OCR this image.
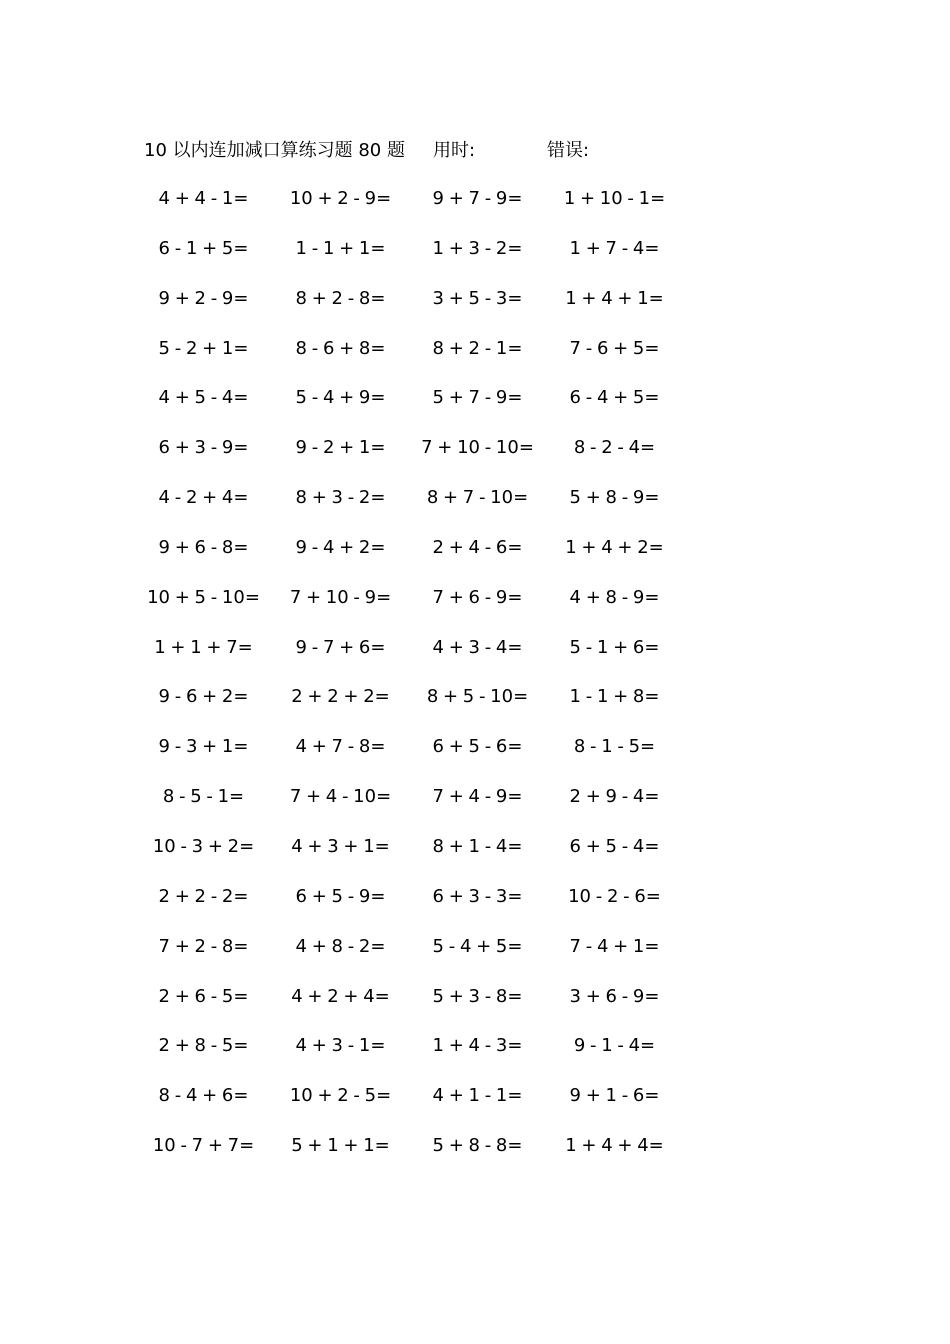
10 以内连加减口算练习题 80 题 用时:	错误:
4 + 4 - 1=	10 + 2 - 9=	9 + 7 - 9=	1 + 10 - 1=
6 - 1 + 5=	1 - 1 + 1=	1 + 3 - 2=	1 + 7 - 4=
9 + 2 - 9=	8 + 2 - 8=	3 + 5 - 3=	1 + 4 + 1=
5 - 2 + 1=	8 - 6 + 8=	8 + 2 - 1=	7 - 6 + 5=
4 + 5 - 4=	5 - 4 + 9=	5 + 7 - 9=	6 - 4 + 5=
6 + 3 - 9=	9 - 2 + 1=	7 + 10 - 10=	8 - 2 - 4=
4 - 2 + 4=	8 + 3 - 2=	8 + 7 - 10=	5 + 8 - 9=
9 + 6 - 8=	9 - 4 + 2=	2 + 4 - 6=	1 + 4 + 2=
10 + 5 - 10=	7 + 10 - 9=	7 + 6 - 9=	4 + 8 - 9=
1 + 1 + 7=	9 - 7 + 6=	4 + 3 - 4=	5 - 1 + 6=
9 - 6 + 2=	2 + 2 + 2=	8 + 5 - 10=	1 - 1 + 8=
9 - 3 + 1=	4 + 7 - 8=	6 + 5 - 6=	8 - 1 - 5=
8 - 5 - 1=	7 + 4 - 10=	7 + 4 - 9=	2 + 9 - 4=
10 - 3 + 2=	4 + 3 + 1=	8 + 1 - 4=	6 + 5 - 4=
2 + 2 - 2=	6 + 5 - 9=	6 + 3 - 3=	10 - 2 - 6=
7 + 2 - 8=	4 + 8 - 2=	5 - 4 + 5=	7 - 4 + 1=
2 + 6 - 5=	4 + 2 + 4=	5 + 3 - 8=	3 + 6 - 9=
2 + 8 - 5=	4 + 3 - 1=	1 + 4 - 3=	9 - 1 - 4=
8 - 4 + 6=	10 + 2 - 5=	4 + 1 - 1=	9 + 1 - 6=
10 - 7 + 7=	5 + 1 + 1=	5 + 8 - 8=	1 + 4 + 4=
